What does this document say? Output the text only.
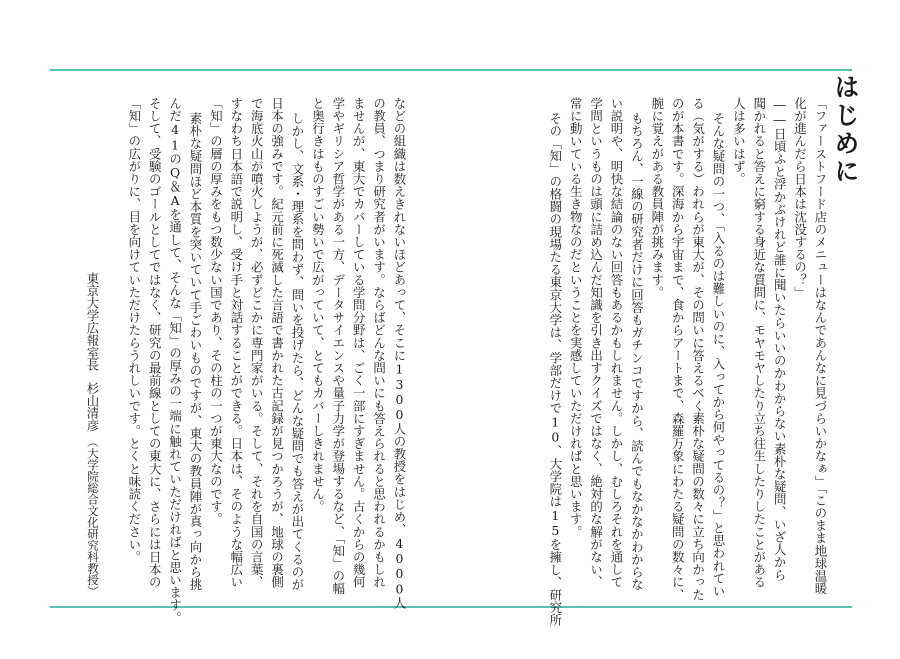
はじめに
「ファーストフード店のメニューはなんであんなに見づらいかなぁ」「このまま地球温暖
化が進んだら日本は沈没するの？」
――日頃ふと浮かぶけれど誰に聞いたらいいのかわからない素朴な疑問、いざ人から
聞かれると答えに窮する身近な質問に、モヤモヤしたり立ち往生したりしたことがある
人は多いはず。
そんな疑問の一つ、「入るのは難しいのに、入ってから何やってるの？」と思われてい
る（気がする）われらが東大が、その問いに答えるべく素朴な疑問の数々に立ち向かった
のが本書です。深海から宇宙まで、食からアートまで、森羅万象にわたる疑問の数々に、
腕に覚えがある教員陣が挑みます。
もちろん、一線の研究者だけに回答もガチンコですから、読んでもなかなかわからな
い説明や、明快な結論のない回答もあるかもしれません。しかし、むしろそれを通して
学問というものは頭に詰め込んだ知識を引き出すクイズではなく、絶対的な解がない、
常に動いている生き物なのだということを実感していただければと思います。
その「知」の格闘の現場たる東京大学は、学部だけで10、大学院は15を擁し、研究所
などの組織は数えきれないほどあって、そこに1300人の教授をはじめ、4000人
の教員、つまり研究者がいます。ならばどんな問いにも答えられると思われるかもしれ
ませんが、東大でカバーしている学問分野は、ごく一部にすぎません。古くからの幾何
学やギリシア哲学がある一方、データサイエンスや量子力学が登場するなど、「知」の幅
と奥行きはものすごい勢いで広がっていて、とてもカバーしきれません。
しかし、文系・理系を問わず、問いを投げたら、どんな疑問でも答えが出てくるのが
日本の強みです。紀元前に死滅した言語で書かれた古記録が見つかろうが、地球の裏側
で海底火山が噴火しようが、必ずどこかに専門家がいる。そして、それを自国の言葉、
すなわち日本語で説明し、受け手と対話することができる。日本は、そのような幅広い
「知」の層の厚みをもつ数少ない国であり、その柱の一つが東大なのです。
素朴な疑問ほど本質を突いていて手ごわいものですが、東大の教員陣が真っ向から挑
んだ41のQ＆Aを通して、そんな「知」の厚みの一端に触れていただければと思います。
そして、受験のゴールとしてではなく、研究の最前線としての東大に、さらには日本の
「知」の広がりに、目を向けていただけたらうれしいです。とくと味読ください。
東京大学広報室長
杉山清彦
（大学院総合文化研究科教授）
